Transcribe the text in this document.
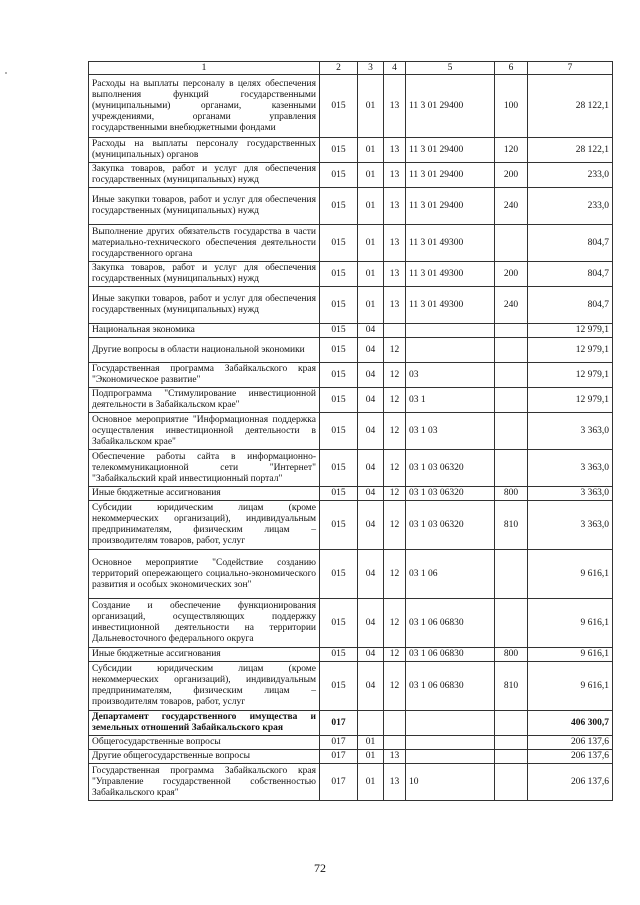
1	2	3	4	5	6	7
Расходы на выплаты персоналу в целях обеспечения выполнения функций государственными (муниципальными) органами, казенными учреждениями, органами управления государственными внебюджетными фондами	015	01	13	11 3 01 29400	100	28 122,1
Расходы на выплаты персоналу государственных (муниципальных) органов	015	01	13	11 3 01 29400	120	28 122,1
Закупка товаров, работ и услуг для обеспечения государственных (муниципальных) нужд	015	01	13	11 3 01 29400	200	233,0
Иные закупки товаров, работ и услуг для обеспечения государственных (муниципальных) нужд	015	01	13	11 3 01 29400	240	233,0
Выполнение других обязательств государства в части материально-технического обеспечения деятельности государственного органа	015	01	13	11 3 01 49300		804,7
Закупка товаров, работ и услуг для обеспечения государственных (муниципальных) нужд	015	01	13	11 3 01 49300	200	804,7
Иные закупки товаров, работ и услуг для обеспечения государственных (муниципальных) нужд	015	01	13	11 3 01 49300	240	804,7
Национальная экономика	015	04				12 979,1
Другие вопросы в области национальной экономики	015	04	12			12 979,1
Государственная программа Забайкальского края "Экономическое развитие"	015	04	12	03		12 979,1
Подпрограмма "Стимулирование инвестиционной деятельности в Забайкальском крае"	015	04	12	03 1		12 979,1
Основное мероприятие "Информационная поддержка осуществления инвестиционной деятельности в Забайкальском крае"	015	04	12	03 1 03		3 363,0
Обеспечение работы сайта в информационно-телекоммуникационной сети "Интернет" "Забайкальский край инвестиционный портал"	015	04	12	03 1 03 06320		3 363,0
Иные бюджетные ассигнования	015	04	12	03 1 03 06320	800	3 363,0
Субсидии юридическим лицам (кроме некоммерческих организаций), индивидуальным предпринимателям, физическим лицам – производителям товаров, работ, услуг	015	04	12	03 1 03 06320	810	3 363,0
Основное мероприятие "Содействие созданию территорий опережающего социально-экономического развития и особых экономических зон"	015	04	12	03 1 06		9 616,1
Создание и обеспечение функционирования организаций, осуществляющих поддержку инвестиционной деятельности на территории Дальневосточного федерального округа	015	04	12	03 1 06 06830		9 616,1
Иные бюджетные ассигнования	015	04	12	03 1 06 06830	800	9 616,1
Субсидии юридическим лицам (кроме некоммерческих организаций), индивидуальным предпринимателям, физическим лицам – производителям товаров, работ, услуг	015	04	12	03 1 06 06830	810	9 616,1
Департамент государственного имущества и земельных отношений Забайкальского края	017					406 300,7
Общегосударственные вопросы	017	01				206 137,6
Другие общегосударственные вопросы	017	01	13			206 137,6
Государственная программа Забайкальского края "Управление государственной собственностью Забайкальского края"	017	01	13	10		206 137,6
72
